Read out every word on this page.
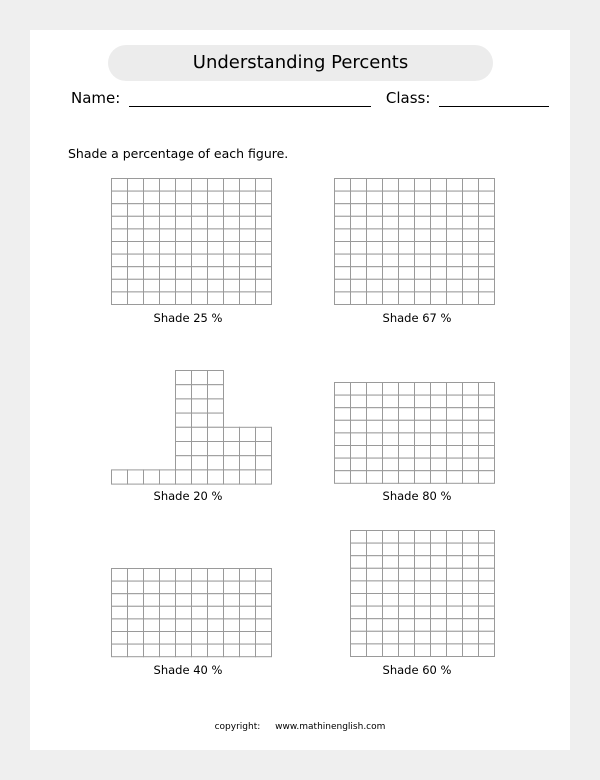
Understanding Percents
Name:	Class:
Shade a percentage of each figure.
Shade 25 %	Shade 67 %
Shade 20 %	Shade 80 %
Shade 40 %	Shade 60 %
copyright: www.mathinenglish.com
